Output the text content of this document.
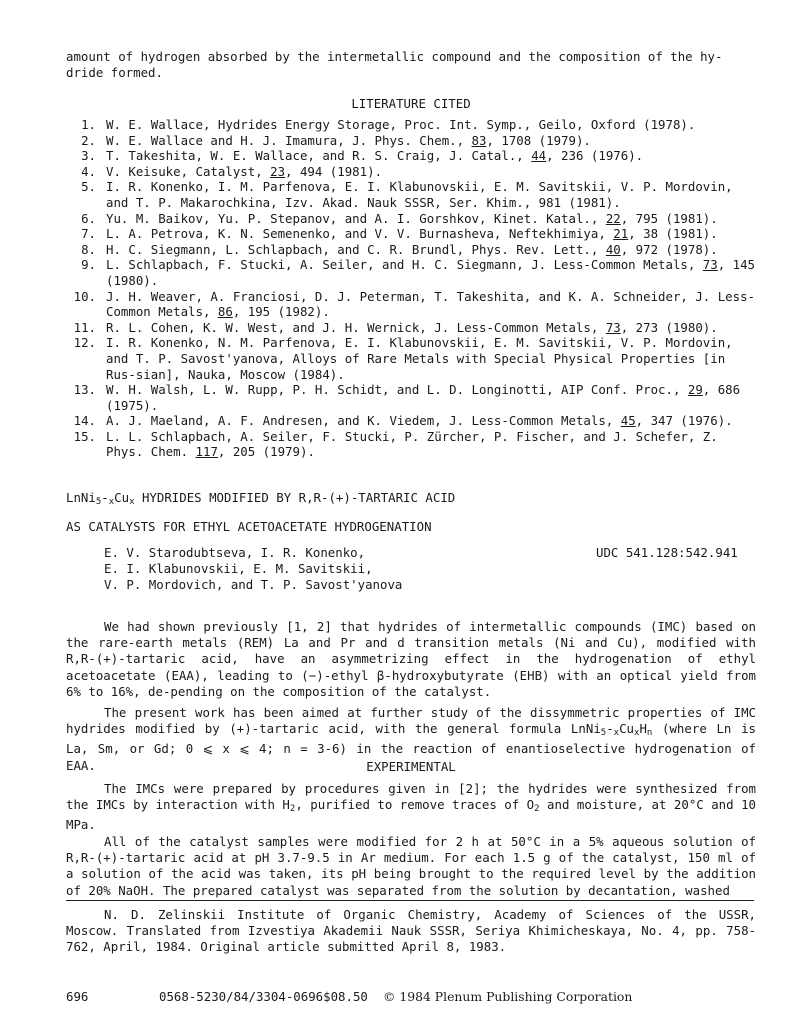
amount of hydrogen absorbed by the intermetallic compound and the composition of the hy-dride formed.
LITERATURE CITED
1. W. E. Wallace, Hydrides Energy Storage, Proc. Int. Symp., Geilo, Oxford (1978).
2. W. E. Wallace and H. J. Imamura, J. Phys. Chem., 83, 1708 (1979).
3. T. Takeshita, W. E. Wallace, and R. S. Craig, J. Catal., 44, 236 (1976).
4. V. Keisuke, Catalyst, 23, 494 (1981).
5. I. R. Konenko, I. M. Parfenova, E. I. Klabunovskii, E. M. Savitskii, V. P. Mordovin, and T. P. Makarochkina, Izv. Akad. Nauk SSSR, Ser. Khim., 981 (1981).
6. Yu. M. Baikov, Yu. P. Stepanov, and A. I. Gorshkov, Kinet. Katal., 22, 795 (1981).
7. L. A. Petrova, K. N. Semenenko, and V. V. Burnasheva, Neftekhimiya, 21, 38 (1981).
8. H. C. Siegmann, L. Schlapbach, and C. R. Brundl, Phys. Rev. Lett., 40, 972 (1978).
9. L. Schlapbach, F. Stucki, A. Seiler, and H. C. Siegmann, J. Less-Common Metals, 73, 145 (1980).
10. J. H. Weaver, A. Franciosi, D. J. Peterman, T. Takeshita, and K. A. Schneider, J. Less-Common Metals, 86, 195 (1982).
11. R. L. Cohen, K. W. West, and J. H. Wernick, J. Less-Common Metals, 73, 273 (1980).
12. I. R. Konenko, N. M. Parfenova, E. I. Klabunovskii, E. M. Savitskii, V. P. Mordovin, and T. P. Savost'yanova, Alloys of Rare Metals with Special Physical Properties [in Rus-sian], Nauka, Moscow (1984).
13. W. H. Walsh, L. W. Rupp, P. H. Schidt, and L. D. Longinotti, AIP Conf. Proc., 29, 686 (1975).
14. A. J. Maeland, A. F. Andresen, and K. Viedem, J. Less-Common Metals, 45, 347 (1976).
15. L. L. Schlapbach, A. Seiler, F. Stucki, P. Zürcher, P. Fischer, and J. Schefer, Z. Phys. Chem. 117, 205 (1979).
$LnNi_5-_xCu_x$ HYDRIDES MODIFIED BY R,R-(+)-TARTARIC ACID
AS CATALYSTS FOR ETHYL ACETOACETATE HYDROGENATION
E. V. Starodubtseva, I. R. Konenko,
E. I. Klabunovskii, E. M. Savitskii,
V. P. Mordovich, and T. P. Savost'yanova
UDC 541.128:542.941
We had shown previously [1, 2] that hydrides of intermetallic compounds (IMC) based on the rare-earth metals (REM) La and Pr and d transition metals (Ni and Cu), modified with R,R-(+)-tartaric acid, have an asymmetrizing effect in the hydrogenation of ethyl acetoacetate (EAA), leading to (−)-ethyl β-hydroxybutyrate (EHB) with an optical yield from 6% to 16%, de-pending on the composition of the catalyst.
The present work has been aimed at further study of the dissymmetric properties of IMC hydrides modified by (+)-tartaric acid, with the general formula $LnNi_5-_xCu_xH_n$ (where Ln is La, Sm, or Gd; 0 ⩽ x ⩽ 4; n = 3-6) in the reaction of enantioselective hydrogenation of EAA.	EXPERIMENTAL
The IMCs were prepared by procedures given in [2]; the hydrides were synthesized from the IMCs by interaction with $H_2$, purified to remove traces of $O_2$ and moisture, at 20°C and 10 MPa.
All of the catalyst samples were modified for 2 h at 50°C in a 5% aqueous solution of R,R-(+)-tartaric acid at pH 3.7-9.5 in Ar medium. For each 1.5 g of the catalyst, 150 ml of a solution of the acid was taken, its pH being brought to the required level by the addition of 20% NaOH. The prepared catalyst was separated from the solution by decantation, washed
N. D. Zelinskii Institute of Organic Chemistry, Academy of Sciences of the USSR, Moscow. Translated from Izvestiya Akademii Nauk SSSR, Seriya Khimicheskaya, No. 4, pp. 758-762, April, 1984. Original article submitted April 8, 1983.
696	0568-5230/84/3304-0696$08.50 © 1984 Plenum Publishing Corporation
